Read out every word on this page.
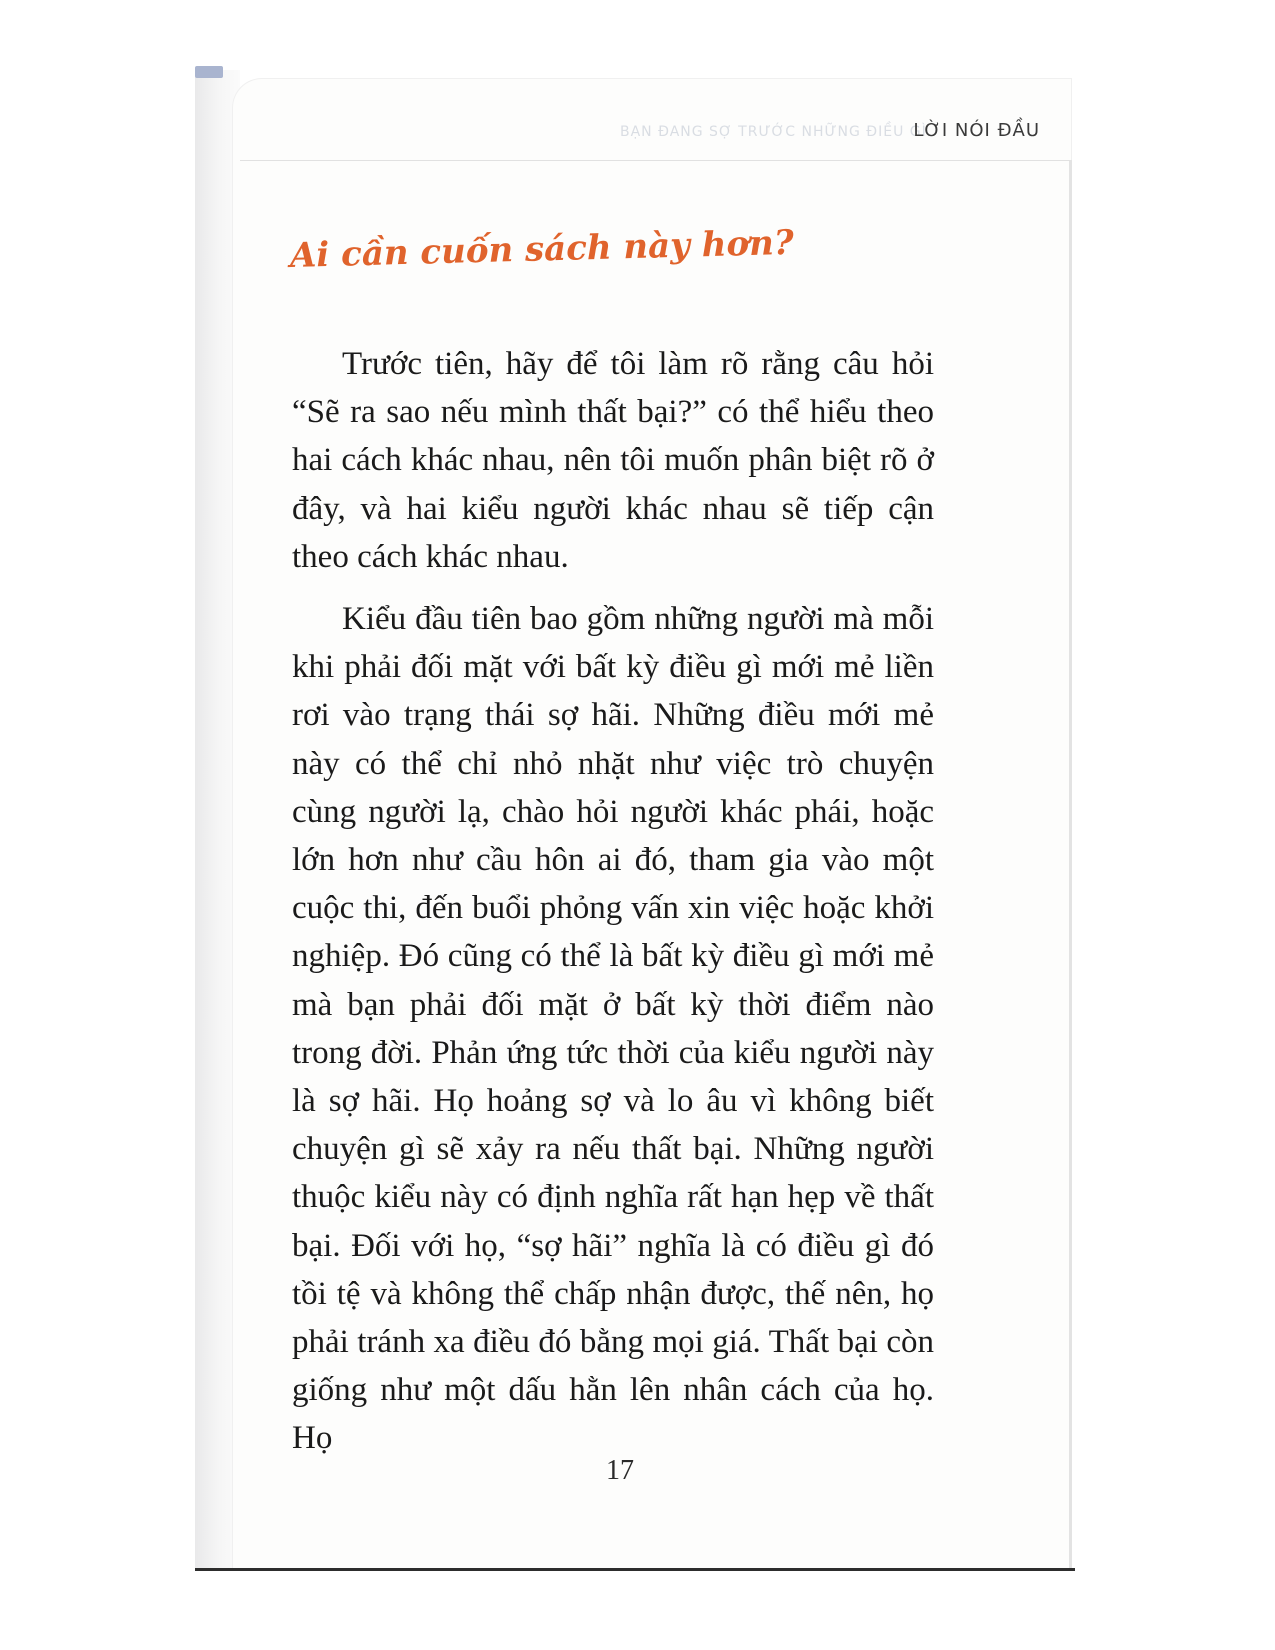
BẠN ĐANG SỢ TRƯỚC NHỮNG ĐIỀU GÌ
LỜI NÓI ĐẦU
Ai cần cuốn sách này hơn?

Trước tiên, hãy để tôi làm rõ rằng câu hỏi “Sẽ ra sao nếu mình thất bại?” có thể hiểu theo hai cách khác nhau, nên tôi muốn phân biệt rõ ở đây, và hai kiểu người khác nhau sẽ tiếp cận theo cách khác nhau.

Kiểu đầu tiên bao gồm những người mà mỗi khi phải đối mặt với bất kỳ điều gì mới mẻ liền rơi vào trạng thái sợ hãi. Những điều mới mẻ này có thể chỉ nhỏ nhặt như việc trò chuyện cùng người lạ, chào hỏi người khác phái, hoặc lớn hơn như cầu hôn ai đó, tham gia vào một cuộc thi, đến buổi phỏng vấn xin việc hoặc khởi nghiệp. Đó cũng có thể là bất kỳ điều gì mới mẻ mà bạn phải đối mặt ở bất kỳ thời điểm nào trong đời. Phản ứng tức thời của kiểu người này là sợ hãi. Họ hoảng sợ và lo âu vì không biết chuyện gì sẽ xảy ra nếu thất bại. Những người thuộc kiểu này có định nghĩa rất hạn hẹp về thất bại. Đối với họ, “sợ hãi” nghĩa là có điều gì đó tồi tệ và không thể chấp nhận được, thế nên, họ phải tránh xa điều đó bằng mọi giá. Thất bại còn giống như một dấu hằn lên nhân cách của họ. Họ

17
